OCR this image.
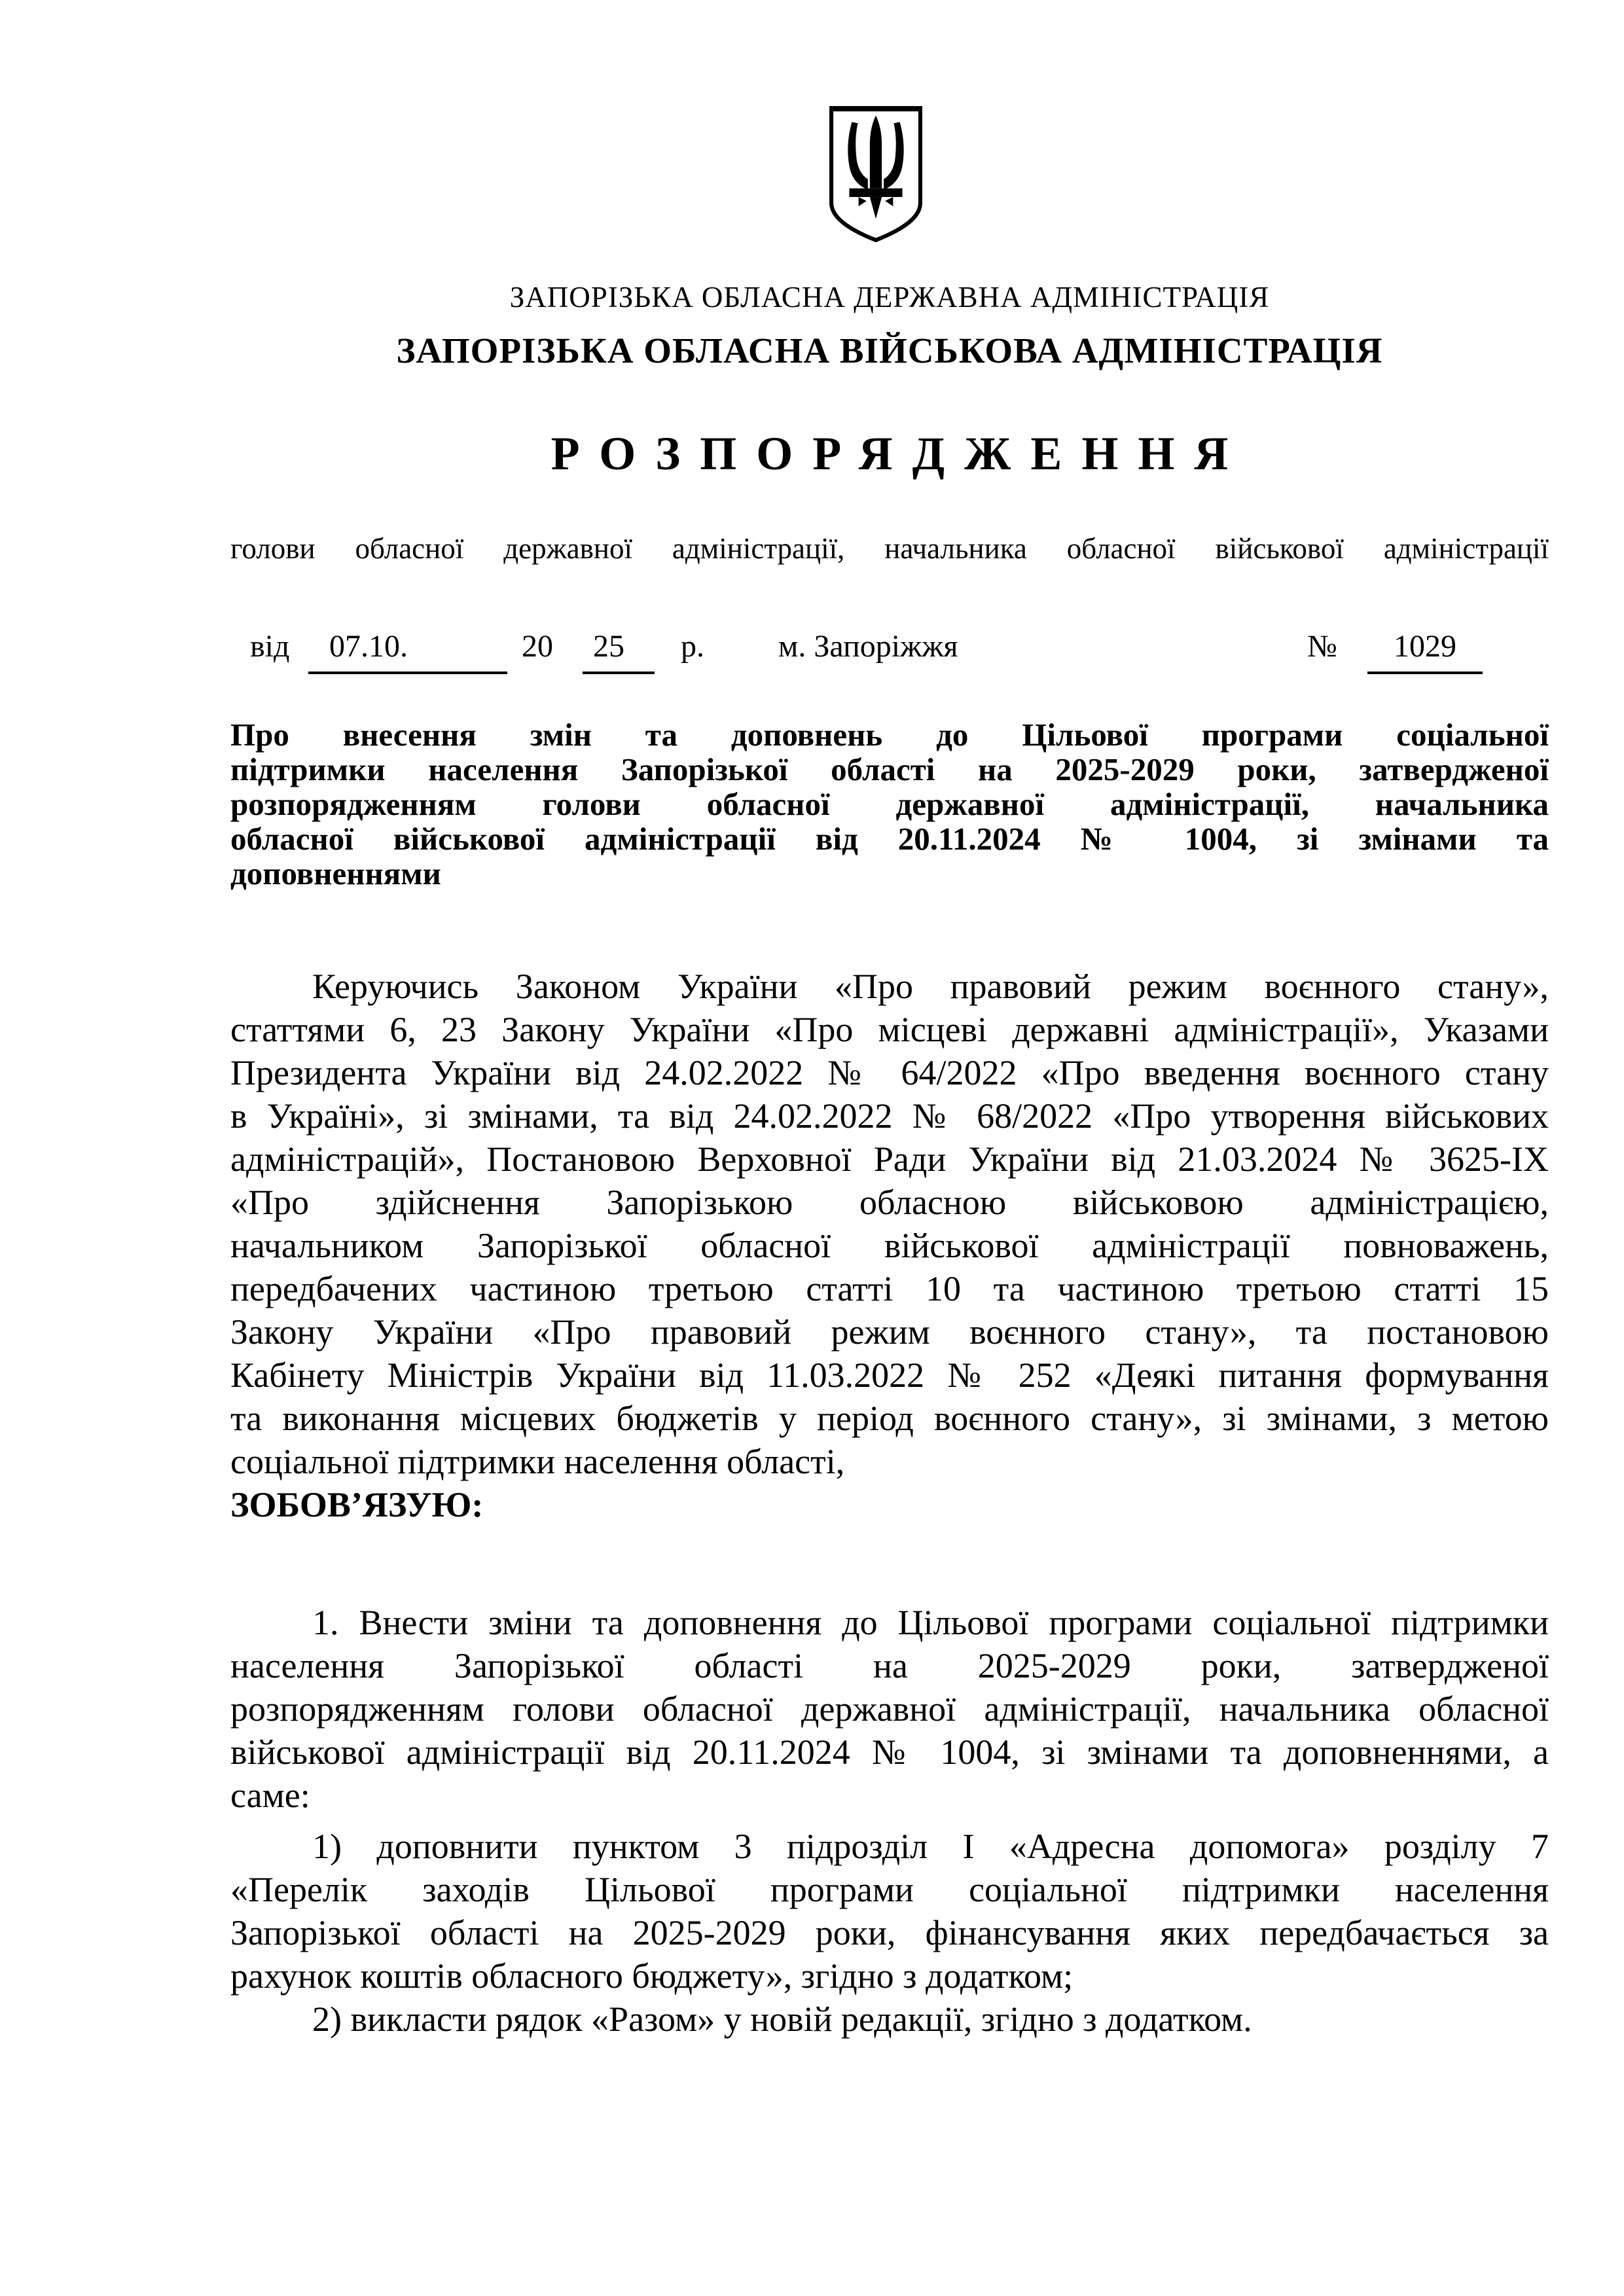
ЗАПОРІЗЬКА ОБЛАСНА ДЕРЖАВНА АДМІНІСТРАЦІЯ
ЗАПОРІЗЬКА ОБЛАСНА ВІЙСЬКОВА АДМІНІСТРАЦІЯ
РОЗПОРЯДЖЕННЯ
голови обласної державної адміністрації, начальника обласної військової адміністрації
від	07.10.	20	25	р. м. Запоріжжя	№	1029
Про внесення змін та доповнень до Цільової програми соціальної
підтримки населення Запорізької області на 2025-2029 роки, затвердженої
розпорядженням голови обласної державної адміністрації, начальника
обласної військової адміністрації від 20.11.2024 № 1004, зі змінами та
доповненнями
Керуючись Законом України «Про правовий режим воєнного стану»,
статтями 6, 23 Закону України «Про місцеві державні адміністрації», Указами
Президента України від 24.02.2022 № 64/2022 «Про введення воєнного стану
в Україні», зі змінами, та від 24.02.2022 № 68/2022 «Про утворення військових
адміністрацій», Постановою Верховної Ради України від 21.03.2024 № 3625-IX
«Про здійснення Запорізькою обласною військовою адміністрацією,
начальником Запорізької обласної військової адміністрації повноважень,
передбачених частиною третьою статті 10 та частиною третьою статті 15
Закону України «Про правовий режим воєнного стану», та постановою
Кабінету Міністрів України від 11.03.2022 № 252 «Деякі питання формування
та виконання місцевих бюджетів у період воєнного стану», зі змінами, з метою
соціальної підтримки населення області,
ЗОБОВ’ЯЗУЮ:
1. Внести зміни та доповнення до Цільової програми соціальної підтримки
населення Запорізької області на 2025-2029 роки, затвердженої
розпорядженням голови обласної державної адміністрації, начальника обласної
військової адміністрації від 20.11.2024 № 1004, зі змінами та доповненнями, а
саме:
1) доповнити пунктом 3 підрозділ І «Адресна допомога» розділу 7
«Перелік заходів Цільової програми соціальної підтримки населення
Запорізької області на 2025-2029 роки, фінансування яких передбачається за
рахунок коштів обласного бюджету», згідно з додатком;
2) викласти рядок «Разом» у новій редакції, згідно з додатком.
